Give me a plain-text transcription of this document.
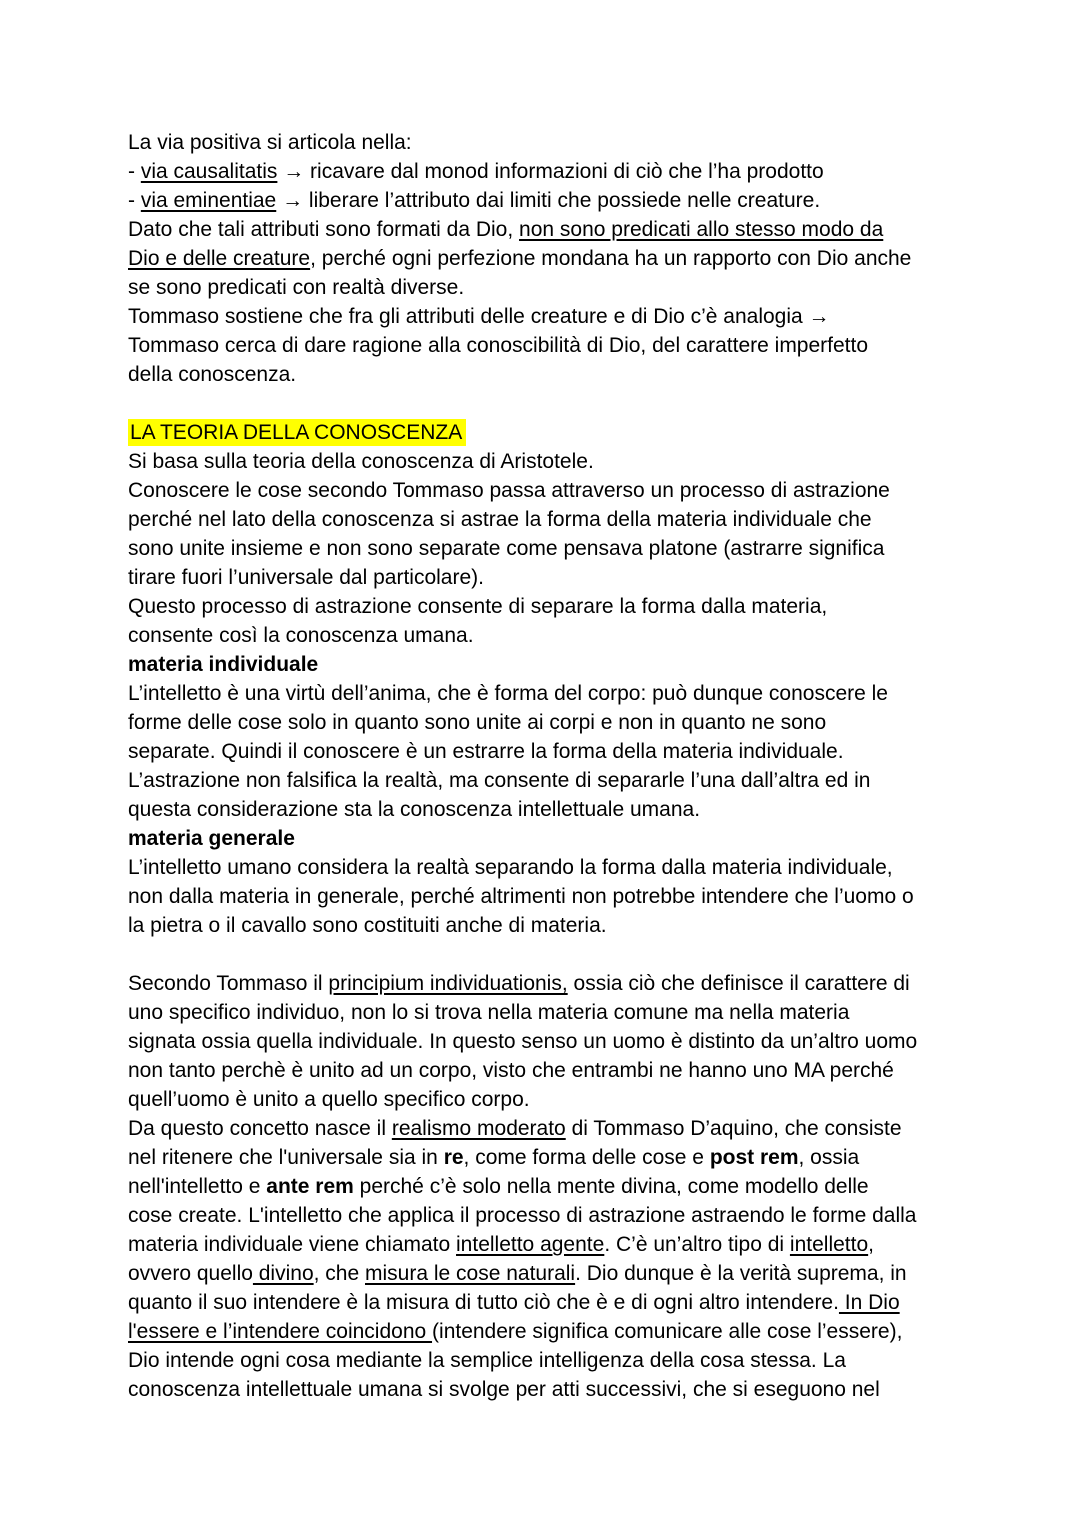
La via positiva si articola nella:
- via causalitatis → ricavare dal monod informazioni di ciò che l’ha prodotto
- via eminentiae → liberare l’attributo dai limiti che possiede nelle creature.
Dato che tali attributi sono formati da Dio, non sono predicati allo stesso modo da
Dio e delle creature, perché ogni perfezione mondana ha un rapporto con Dio anche
se sono predicati con realtà diverse.
Tommaso sostiene che fra gli attributi delle creature e di Dio c’è analogia →
Tommaso cerca di dare ragione alla conoscibilità di Dio, del carattere imperfetto
della conoscenza.

LA TEORIA DELLA CONOSCENZA
Si basa sulla teoria della conoscenza di Aristotele.
Conoscere le cose secondo Tommaso passa attraverso un processo di astrazione
perché nel lato della conoscenza si astrae la forma della materia individuale che
sono unite insieme e non sono separate come pensava platone (astrarre significa
tirare fuori l’universale dal particolare).
Questo processo di astrazione consente di separare la forma dalla materia,
consente così la conoscenza umana.
materia individuale
L’intelletto è una virtù dell’anima, che è forma del corpo: può dunque conoscere le
forme delle cose solo in quanto sono unite ai corpi e non in quanto ne sono
separate. Quindi il conoscere è un estrarre la forma della materia individuale.
L’astrazione non falsifica la realtà, ma consente di separarle l’una dall’altra ed in
questa considerazione sta la conoscenza intellettuale umana.
materia generale
L’intelletto umano considera la realtà separando la forma dalla materia individuale,
non dalla materia in generale, perché altrimenti non potrebbe intendere che l’uomo o
la pietra o il cavallo sono costituiti anche di materia.

Secondo Tommaso il principium individuationis, ossia ciò che definisce il carattere di
uno specifico individuo, non lo si trova nella materia comune ma nella materia
signata ossia quella individuale. In questo senso un uomo è distinto da un’altro uomo
non tanto perchè è unito ad un corpo, visto che entrambi ne hanno uno MA perché
quell’uomo è unito a quello specifico corpo.
Da questo concetto nasce il realismo moderato di Tommaso D’aquino, che consiste
nel ritenere che l'universale sia in re, come forma delle cose e post rem, ossia
nell'intelletto e ante rem perché c’è solo nella mente divina, come modello delle
cose create. L'intelletto che applica il processo di astrazione astraendo le forme dalla
materia individuale viene chiamato intelletto agente. C’è un’altro tipo di intelletto,
ovvero quello divino, che misura le cose naturali. Dio dunque è la verità suprema, in
quanto il suo intendere è la misura di tutto ciò che è e di ogni altro intendere. In Dio
l'essere e l’intendere coincidono (intendere significa comunicare alle cose l’essere),
Dio intende ogni cosa mediante la semplice intelligenza della cosa stessa. La
conoscenza intellettuale umana si svolge per atti successivi, che si eseguono nel
